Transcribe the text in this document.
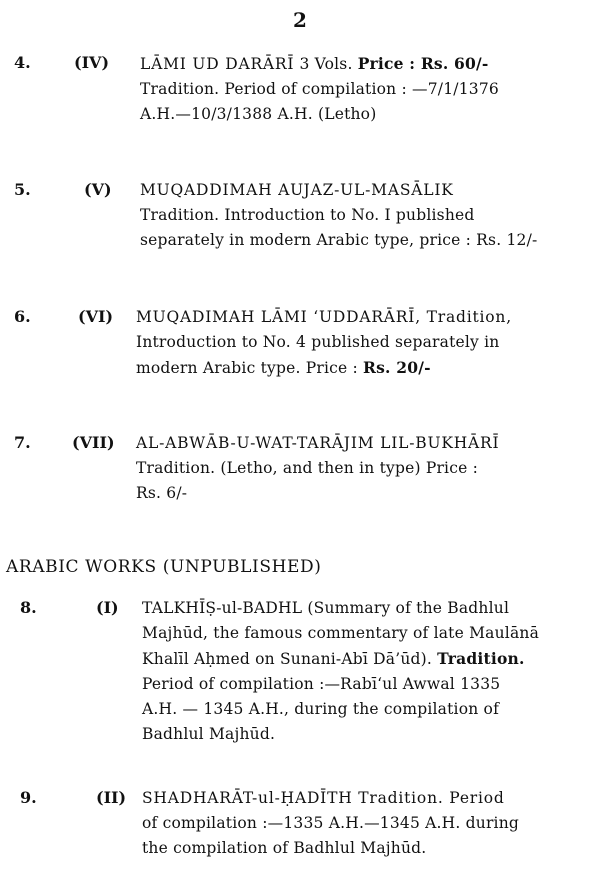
2
4.	(IV) LĀMI UD DARĀRĪ 3 Vols. Price : Rs. 60/-
Tradition. Period of compilation : —7/1/1376
A.H.—10/3/1388 A.H. (Letho)
5.	(V) MUQADDIMAH AUJAZ-UL-MASĀLIK
Tradition. Introduction to No. I published
separately in modern Arabic type, price : Rs. 12/-
6.	(VI) MUQADIMAH LĀMI ‘UDDARĀRĪ, Tradition,
Introduction to No. 4 published separately in
modern Arabic type. Price : Rs. 20/-
7.	(VII) AL-ABWĀB-U-WAT-TARĀJIM LIL-BUKHĀRĪ
Tradition. (Letho, and then in type) Price :
Rs. 6/-
ARABIC WORKS (UNPUBLISHED)
8.	(I) TALKHĪṢ-ul-BADHL (Summary of the Badhlul
Majhūd, the famous commentary of late Maulānā
Khalīl Aḥmed on Sunani-Abī Dā’ūd). Tradition.
Period of compilation :—Rabī‘ul Awwal 1335
A.H. — 1345 A.H., during the compilation of
Badhlul Majhūd.
9.	(II) SHADHARĀT-ul-ḤADĪTH Tradition. Period
of compilation :—1335 A.H.—1345 A.H. during
the compilation of Badhlul Majhūd.
